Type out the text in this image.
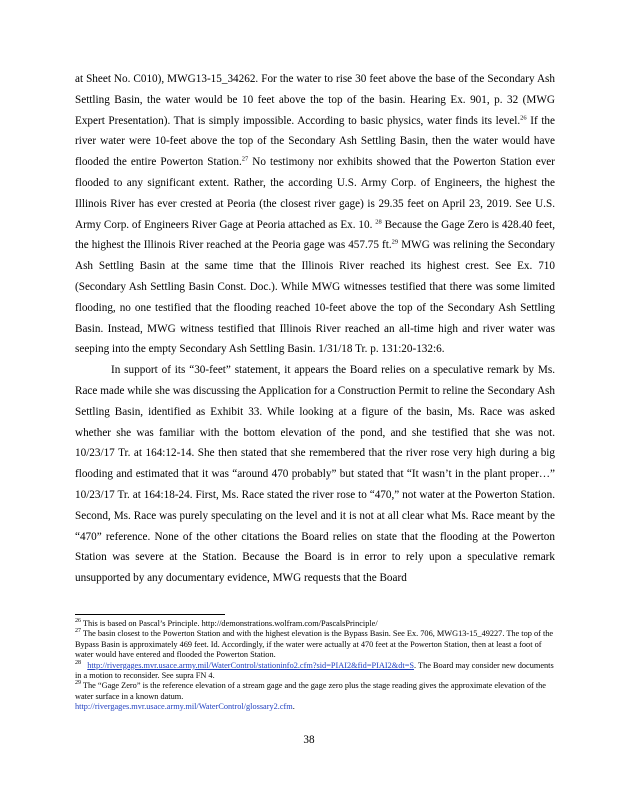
at Sheet No. C010), MWG13-15_34262. For the water to rise 30 feet above the base of the Secondary Ash Settling Basin, the water would be 10 feet above the top of the basin. Hearing Ex. 901, p. 32 (MWG Expert Presentation). That is simply impossible. According to basic physics, water finds its level.$^{26}$ If the river water were 10-feet above the top of the Secondary Ash Settling Basin, then the water would have flooded the entire Powerton Station.$^{27}$ No testimony nor exhibits showed that the Powerton Station ever flooded to any significant extent. Rather, the according U.S. Army Corp. of Engineers, the highest the Illinois River has ever crested at Peoria (the closest river gage) is 29.35 feet on April 23, 2019. See U.S. Army Corp. of Engineers River Gage at Peoria attached as Ex. 10. $^{28}$ Because the Gage Zero is 428.40 feet, the highest the Illinois River reached at the Peoria gage was 457.75 ft.$^{29}$ MWG was relining the Secondary Ash Settling Basin at the same time that the Illinois River reached its highest crest. See Ex. 710 (Secondary Ash Settling Basin Const. Doc.). While MWG witnesses testified that there was some limited flooding, no one testified that the flooding reached 10-feet above the top of the Secondary Ash Settling Basin. Instead, MWG witness testified that Illinois River reached an all-time high and river water was seeping into the empty Secondary Ash Settling Basin. 1/31/18 Tr. p. 131:20-132:6.

In support of its “30-feet” statement, it appears the Board relies on a speculative remark by Ms. Race made while she was discussing the Application for a Construction Permit to reline the Secondary Ash Settling Basin, identified as Exhibit 33. While looking at a figure of the basin, Ms. Race was asked whether she was familiar with the bottom elevation of the pond, and she testified that she was not. 10/23/17 Tr. at 164:12-14. She then stated that she remembered that the river rose very high during a big flooding and estimated that it was “around 470 probably” but stated that “It wasn’t in the plant proper…” 10/23/17 Tr. at 164:18-24. First, Ms. Race stated the river rose to “470,” not water at the Powerton Station. Second, Ms. Race was purely speculating on the level and it is not at all clear what Ms. Race meant by the “470” reference. None of the other citations the Board relies on state that the flooding at the Powerton Station was severe at the Station. Because the Board is in error to rely upon a speculative remark unsupported by any documentary evidence, MWG requests that the Board

$^{26}$ This is based on Pascal’s Principle. http://demonstrations.wolfram.com/PascalsPrinciple/

$^{27}$ The basin closest to the Powerton Station and with the highest elevation is the Bypass Basin. See Ex. 706, MWG13-15_49227. The top of the Bypass Basin is approximately 469 feet. Id. Accordingly, if the water were actually at 470 feet at the Powerton Station, then at least a foot of water would have entered and flooded the Powerton Station.

$^{28}$ http://rivergages.mvr.usace.army.mil/WaterControl/stationinfo2.cfm?sid=PIAI2&fid=PIAI2&dt=S. The Board may consider new documents in a motion to reconsider. See supra FN 4.

$^{29}$ The “Gage Zero” is the reference elevation of a stream gage and the gage zero plus the stage reading gives the approximate elevation of the water surface in a known datum.
http://rivergages.mvr.usace.army.mil/WaterControl/glossary2.cfm.

38
